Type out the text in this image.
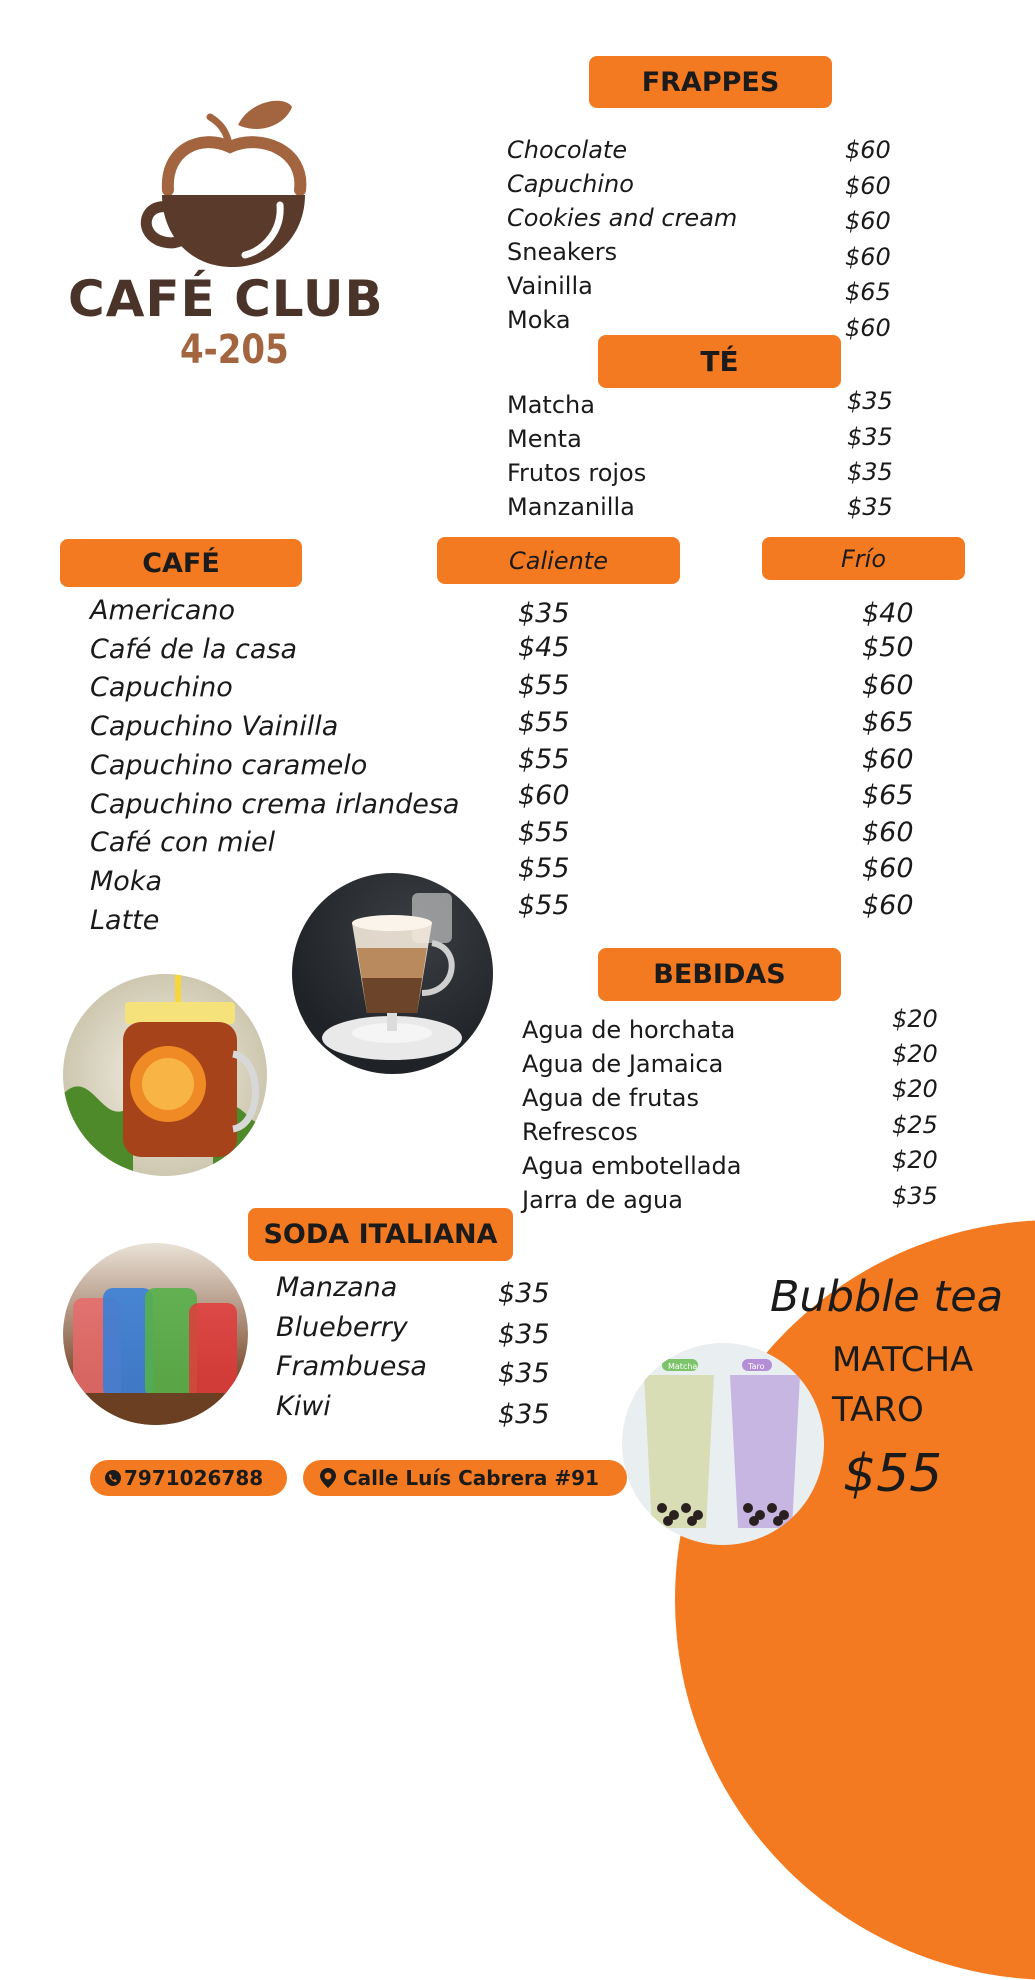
CAFÉ CLUB
4-205
FRAPPES
Chocolate	$60
Capuchino	$60
Cookies and cream	$60
Sneakers	$60
Vainilla	$65
Moka	$60
TÉ
Matcha	$35
Menta	$35
Frutos rojos	$35
Manzanilla	$35
CAFÉ	Caliente	Frío
Americano	$35	$40
Café de la casa	$45	$50
Capuchino	$55	$60
Capuchino Vainilla	$55	$65
Capuchino caramelo	$55	$60
Capuchino crema irlandesa $60	$65
Café con miel	$55	$60
Moka	$55	$60
Latte	$55	$60
BEBIDAS
Agua de horchata	$20
Agua de Jamaica	$20
Agua de frutas	$20
Refrescos	$25
Agua embotellada	$20
Jarra de agua	$35
SODA ITALIANA
Manzana	$35
Blueberry	$35
Frambuesa	$35
Kiwi	$35
Bubble tea
MATCHA
TARO
$55
Matcha	Taro
7971026788	Calle Luís Cabrera #91
